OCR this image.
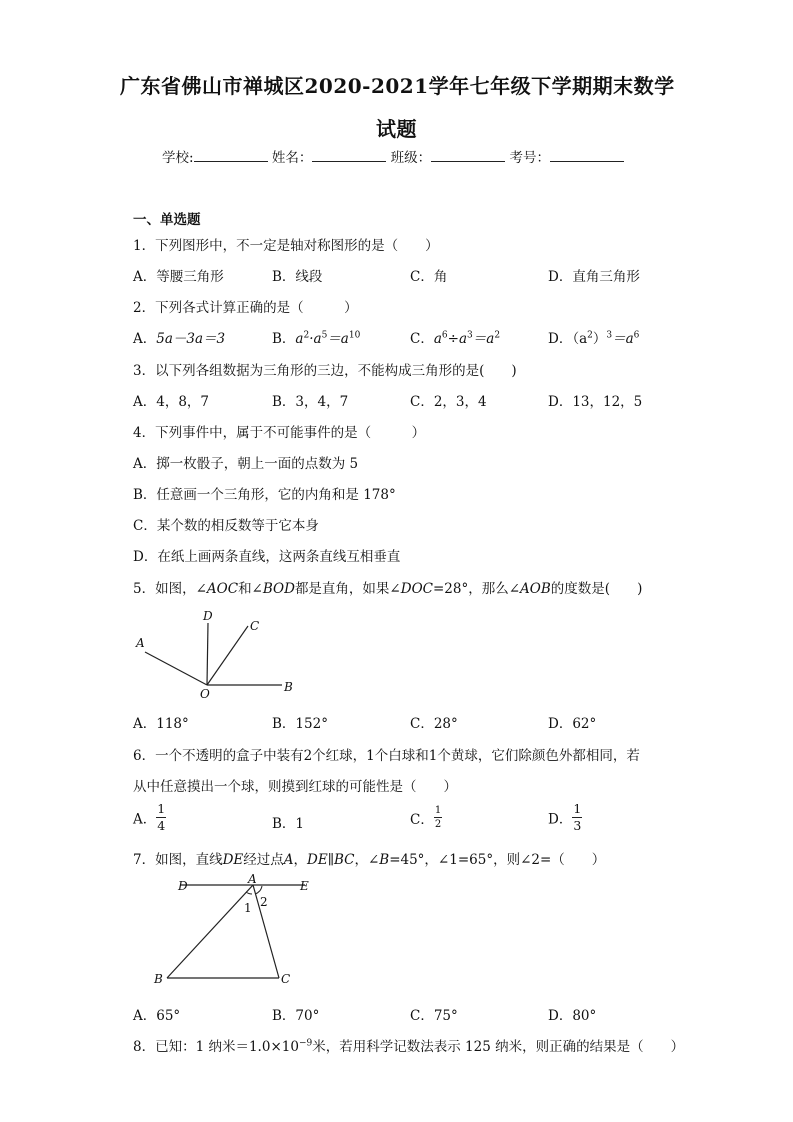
广东省佛山市禅城区2020-2021学年七年级下学期期末数学
试题
学校:	姓名：	班级：	考号：
一、单选题
1．下列图形中，不一定是轴对称图形的是（　　）
A．等腰三角形	B．线段	C．角	D．直角三角形
2．下列各式计算正确的是（　　　）
A．5a－3a＝3	B．$a^2\cdot a^5=a^{10}$	C．$a^6\div a^3=a^2$	D．$(a^2)^3=a^6$
3．以下列各组数据为三角形的三边，不能构成三角形的是(　　)
A．4，8，7	B．3，4，7	C．2，3，4	D．13，12，5
4．下列事件中，属于不可能事件的是（　　　）
A．掷一枚骰子，朝上一面的点数为 5
B．任意画一个三角形，它的内角和是 178°
C．某个数的相反数等于它本身
D．在纸上画两条直线，这两条直线互相垂直
5．如图，∠AOC和∠BOD都是直角，如果∠DOC=28°，那么∠AOB的度数是(　　)
A
D
C
O	B
A．118°	B．152°	C．28°	D．62°
6．一个不透明的盒子中装有2个红球，1个白球和1个黄球，它们除颜色外都相同，若
从中任意摸出一个球，则摸到红球的可能性是（　　）
A． $\frac{1}{4}$	B．1	C． $\frac{1}{2}$	D． $\frac{1}{3}$
7．如图，直线DE经过点A，DE∥BC，∠B=45°，∠1=65°，则∠2=（　　）
D	A	E
1 2
B	C
A．65°	B．70°	C．75°	D．80°
8．已知：1 纳米$=1.0\times 10^{-9}$米，若用科学记数法表示 125 纳米，则正确的结果是（　　）
